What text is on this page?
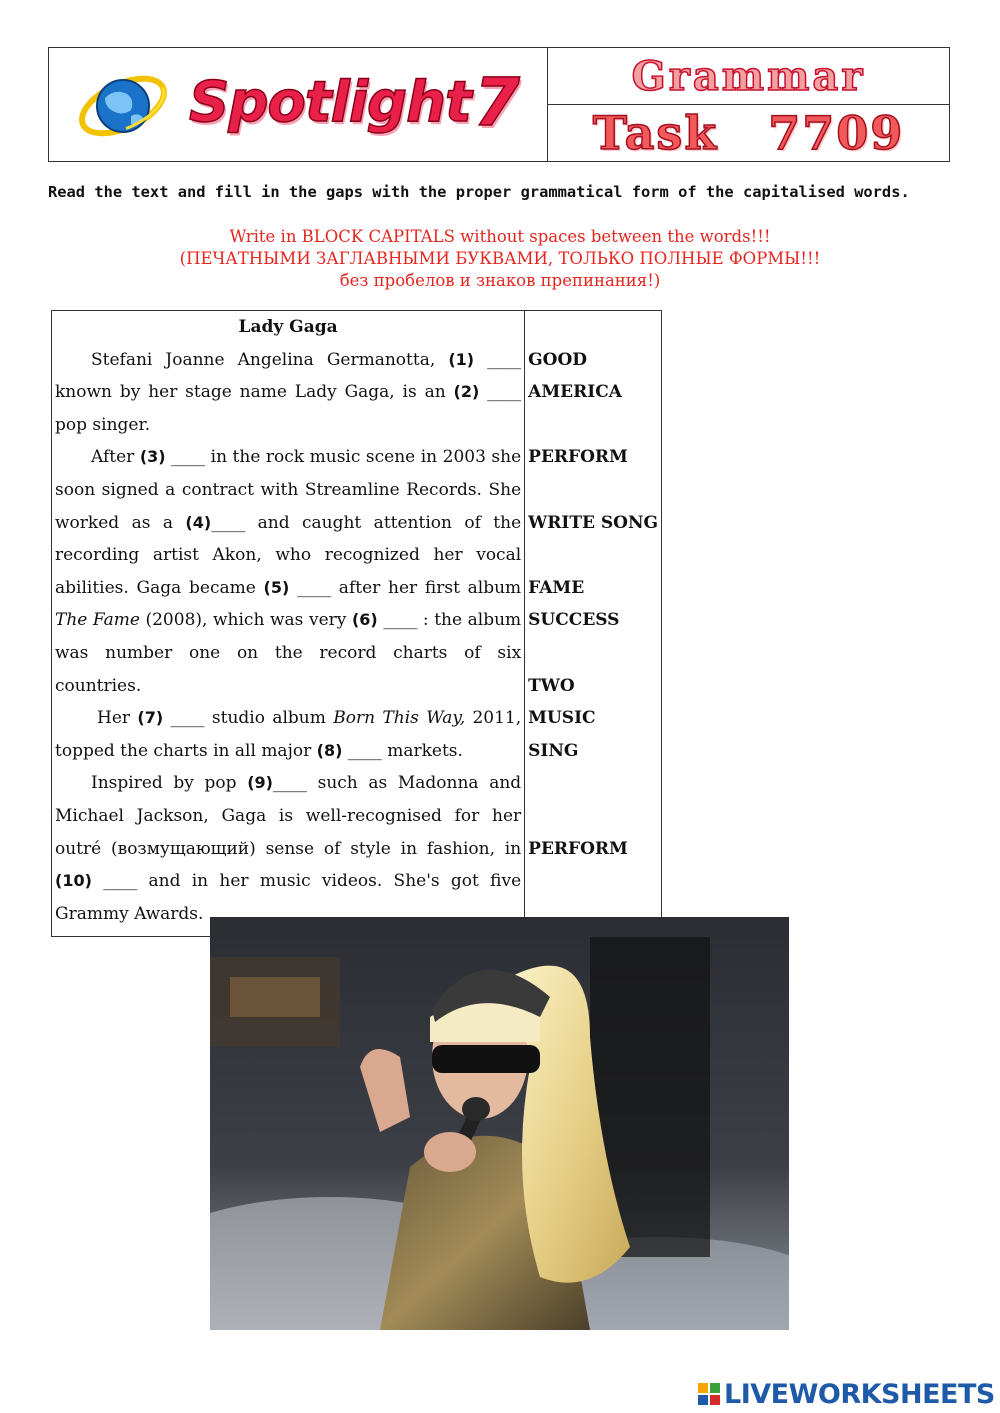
Spotlight 7	Grammar
Task 7709
Read the text and fill in the gaps with the proper grammatical form of the capitalised words.
Write in BLOCK CAPITALS without spaces between the words!!!
(ПЕЧАТНЫМИ ЗАГЛАВНЫМИ БУКВАМИ, ТОЛЬКО ПОЛНЫЕ ФОРМЫ!!!
без пробелов и знаков препинания!)
Lady Gaga
Stefani Joanne Angelina Germanotta, (1) ____ known by her stage name Lady Gaga, is an (2) ____ pop singer.
After (3) ____ in the rock music scene in 2003 she soon signed a contract with Streamline Records. She worked as a (4)____ and caught attention of the recording artist Akon, who recognized her vocal abilities. Gaga became (5) ____ after her first album The Fame (2008), which was very (6) ____ : the album was number one on the record charts of six countries.
Her (7) ____ studio album Born This Way, 2011, topped the charts in all major (8) ____ markets.
Inspired by pop (9)____ such as Madonna and Michael Jackson, Gaga is well-recognised for her outré (возмущающий) sense of style in fashion, in (10) ____ and in her music videos. She's got five Grammy Awards.

GOOD
AMERICA
PERFORM
WRITE SONG
FAME
SUCCESS
TWO
MUSIC
SING
PERFORM
LIVEWORKSHEETS
